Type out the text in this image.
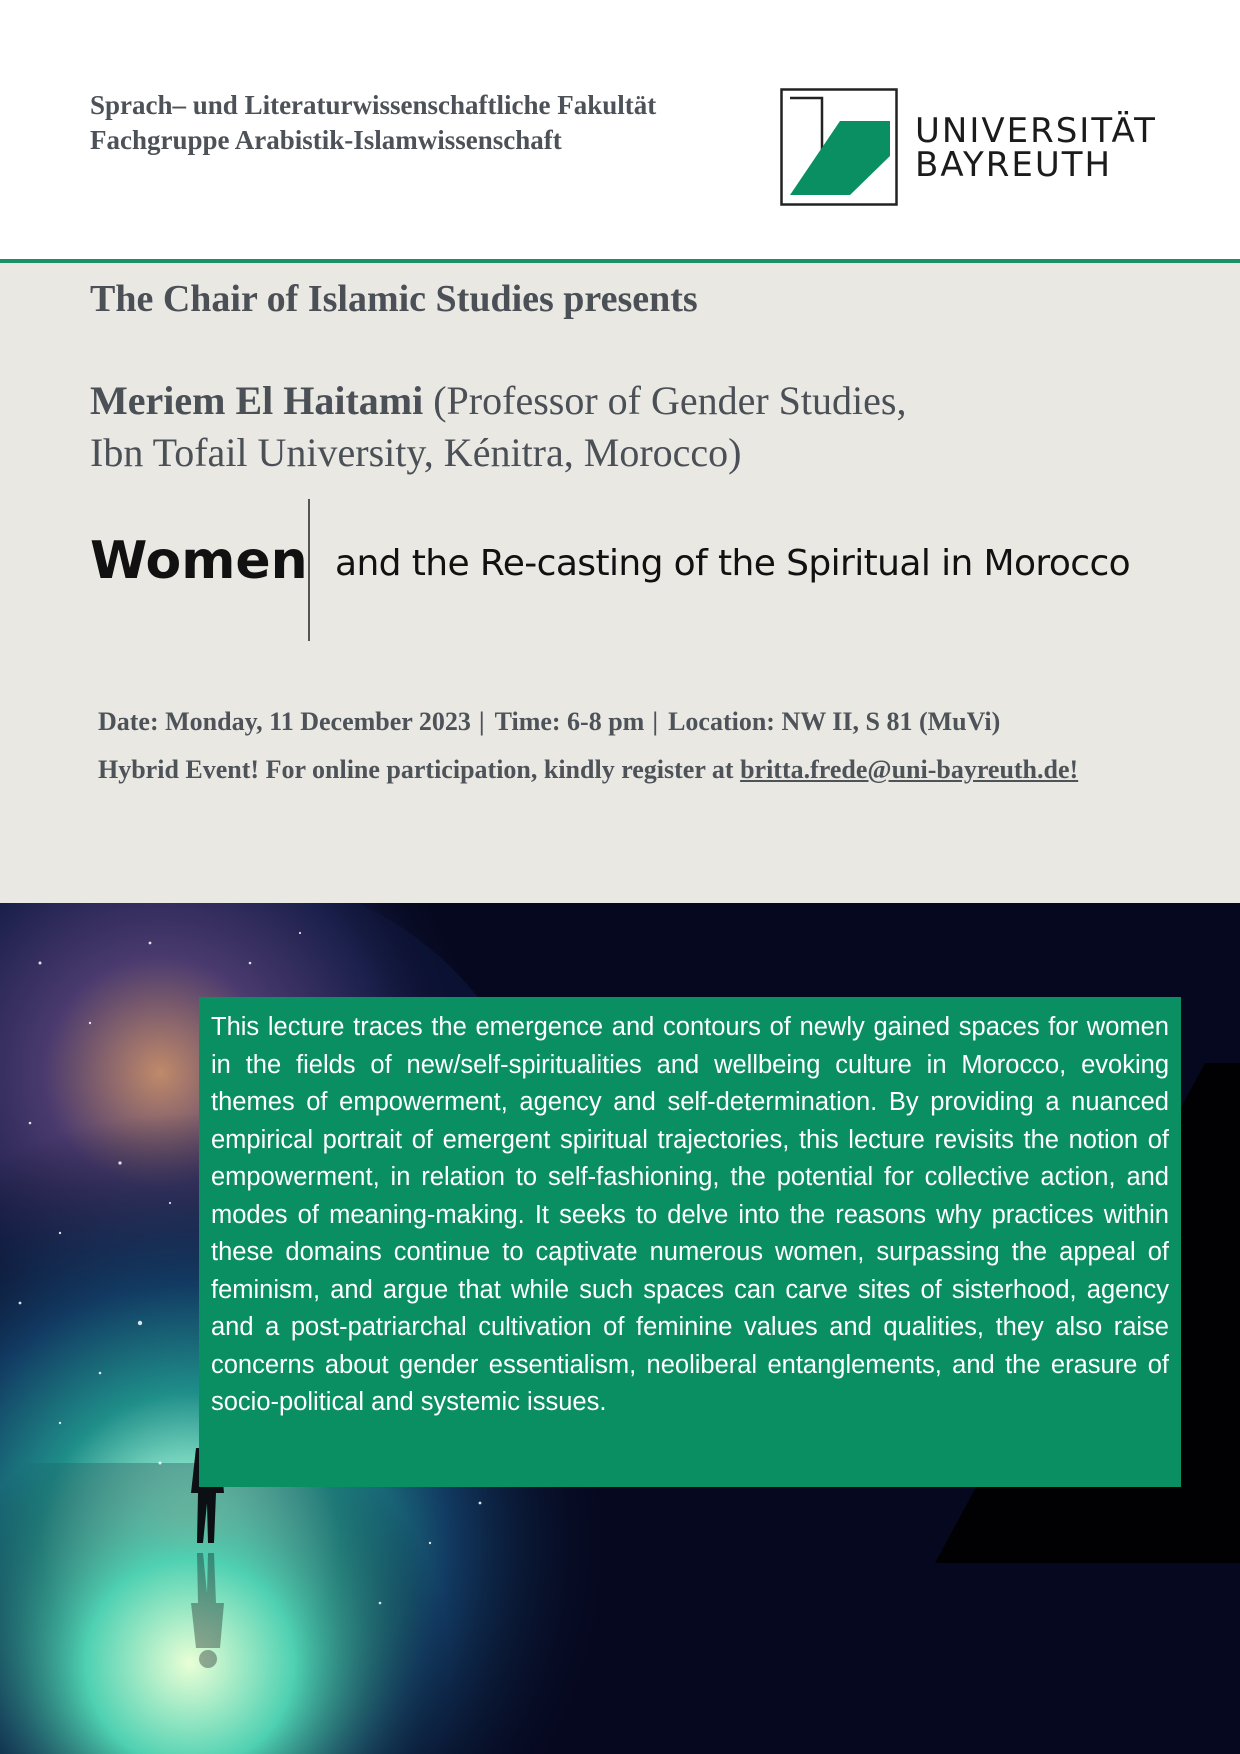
Sprach– und Literaturwissenschaftliche Fakultät
Fachgruppe Arabistik-Islamwissenschaft	UNIVERSITÄT
BAYREUTH
The Chair of Islamic Studies presents
Meriem El Haitami (Professor of Gender Studies,
Ibn Tofail University, Kénitra, Morocco)
Women and the Re-casting of the Spiritual in Morocco
Date: Monday, 11 December 2023 | Time: 6-8 pm | Location: NW II, S 81 (MuVi)
Hybrid Event! For online participation, kindly register at britta.frede@uni-bayreuth.de!

This lecture traces the emergence and contours of newly gained spaces for women in the fields of new/self-spiritualities and wellbeing culture in Morocco, evoking themes of empowerment, agency and self-determination. By providing a nuanced empirical portrait of emergent spiritual trajectories, this lecture revisits the notion of empowerment, in relation to self-fashioning, the potential for collective action, and modes of meaning-making. It seeks to delve into the reasons why practices within these domains continue to captivate numerous women, surpassing the appeal of feminism, and argue that while such spaces can carve sites of sisterhood, agency and a post-patriarchal cultivation of feminine values and qualities, they also raise concerns about gender essentialism, neoliberal entanglements, and the erasure of socio-political and systemic issues.
